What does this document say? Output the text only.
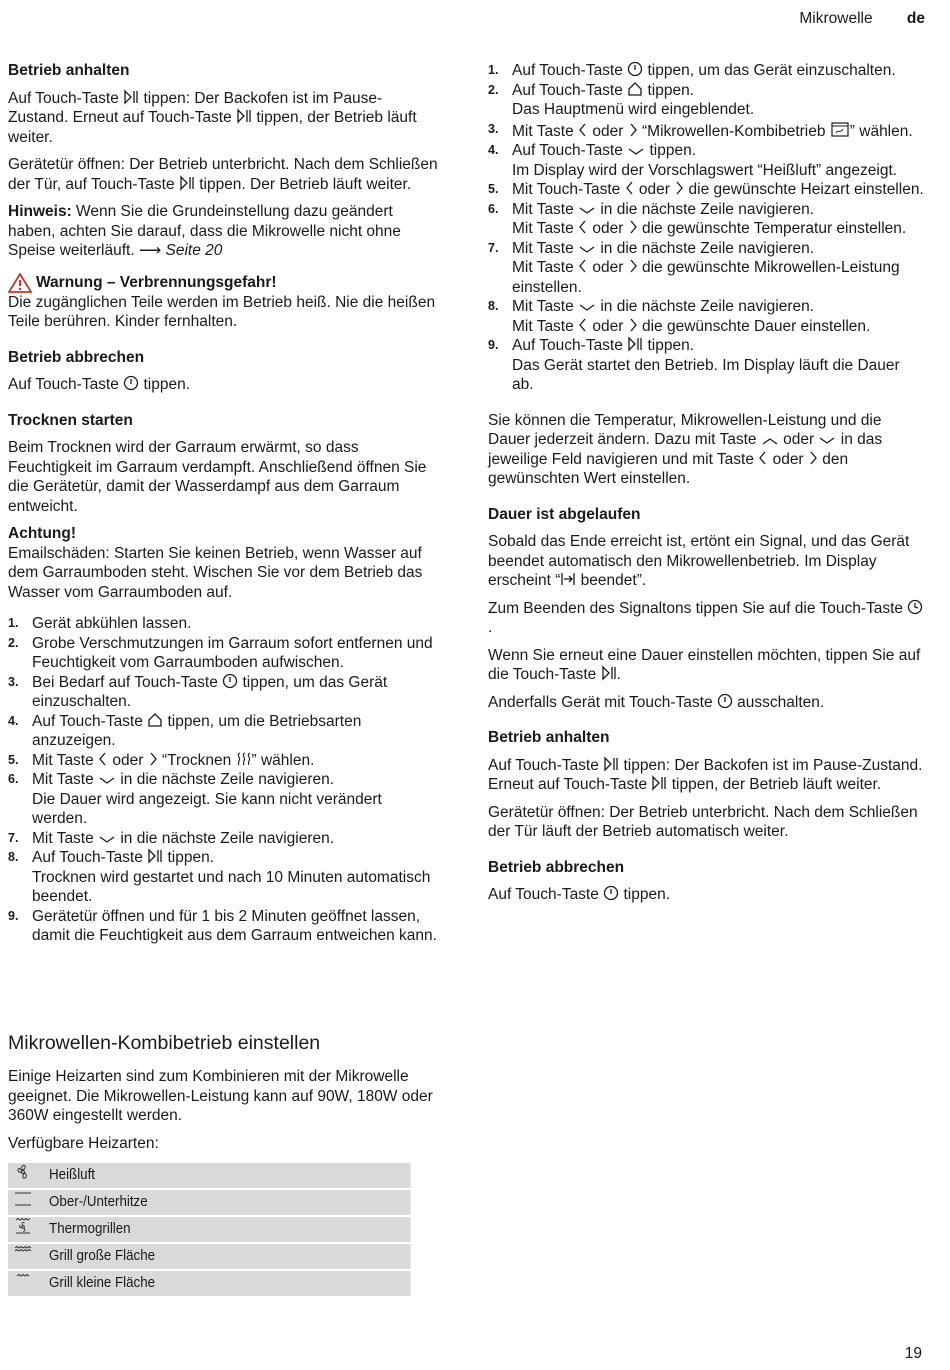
Mikrowelle de
Betrieb anhalten

Auf Touch-Taste  tippen: Der Backofen ist im Pause-Zustand. Erneut auf Touch-Taste  tippen, der Betrieb läuft weiter.

Gerätetür öffnen: Der Betrieb unterbricht. Nach dem Schließen der Tür, auf Touch-Taste  tippen. Der Betrieb läuft weiter.

Hinweis: Wenn Sie die Grundeinstellung dazu geändert haben, achten Sie darauf, dass die Mikrowelle nicht ohne Speise weiterläuft. ⟶ Seite 20

Warnung – Verbrennungsgefahr!

Die zugänglichen Teile werden im Betrieb heiß. Nie die heißen Teile berühren. Kinder fernhalten.

Betrieb abbrechen

Auf Touch-Taste  tippen.

Trocknen starten

Beim Trocknen wird der Garraum erwärmt, so dass Feuchtigkeit im Garraum verdampft. Anschließend öffnen Sie die Gerätetür, damit der Wasserdampf aus dem Garraum entweicht.

Achtung!

Emailschäden: Starten Sie keinen Betrieb, wenn Wasser auf dem Garraumboden steht. Wischen Sie vor dem Betrieb das Wasser vom Garraumboden auf.

1. Gerät abkühlen lassen.
2. Grobe Verschmutzungen im Garraum sofort entfernen und Feuchtigkeit vom Garraumboden aufwischen.
3. Bei Bedarf auf Touch-Taste  tippen, um das Gerät einzuschalten.
4. Auf Touch-Taste  tippen, um die Betriebsarten anzuzeigen.
5. Mit Taste  oder  “Trocknen ” wählen.
6. Mit Taste  in die nächste Zeile navigieren.
Die Dauer wird angezeigt. Sie kann nicht verändert werden.
7. Mit Taste  in die nächste Zeile navigieren.
8. Auf Touch-Taste  tippen.
Trocknen wird gestartet und nach 10 Minuten automatisch beendet.
9. Gerätetür öffnen und für 1 bis 2 Minuten geöffnet lassen, damit die Feuchtigkeit aus dem Garraum entweichen kann.
Mikrowellen-Kombibetrieb einstellen

Einige Heizarten sind zum Kombinieren mit der Mikrowelle geeignet. Die Mikrowellen-Leistung kann auf 90W, 180W oder 360W eingestellt werden.

Verfügbare Heizarten:

	Heißluft
	Ober-/Unterhitze
	Thermogrillen
	Grill große Fläche
	Grill kleine Fläche
1. Auf Touch-Taste  tippen, um das Gerät einzuschalten.
2. Auf Touch-Taste  tippen.
Das Hauptmenü wird eingeblendet.
3. Mit Taste  oder  “Mikrowellen-Kombibetrieb ” wählen.
4. Auf Touch-Taste  tippen.
Im Display wird der Vorschlagswert “Heißluft” angezeigt.
5. Mit Touch-Taste  oder  die gewünschte Heizart einstellen.
6. Mit Taste  in die nächste Zeile navigieren.
Mit Taste  oder  die gewünschte Temperatur einstellen.
7. Mit Taste  in die nächste Zeile navigieren.
Mit Taste  oder  die gewünschte Mikrowellen-Leistung einstellen.
8. Mit Taste  in die nächste Zeile navigieren.
Mit Taste  oder  die gewünschte Dauer einstellen.
9. Auf Touch-Taste  tippen.
Das Gerät startet den Betrieb. Im Display läuft die Dauer ab.

Sie können die Temperatur, Mikrowellen-Leistung und die Dauer jederzeit ändern. Dazu mit Taste  oder  in das jeweilige Feld navigieren und mit Taste  oder  den gewünschten Wert einstellen.

Dauer ist abgelaufen

Sobald das Ende erreicht ist, ertönt ein Signal, und das Gerät beendet automatisch den Mikrowellenbetrieb. Im Display erscheint “ beendet”.

Zum Beenden des Signaltons tippen Sie auf die Touch-Taste .

Wenn Sie erneut eine Dauer einstellen möchten, tippen Sie auf die Touch-Taste .

Anderfalls Gerät mit Touch-Taste  ausschalten.

Betrieb anhalten

Auf Touch-Taste  tippen: Der Backofen ist im Pause-Zustand. Erneut auf Touch-Taste  tippen, der Betrieb läuft weiter.

Gerätetür öffnen: Der Betrieb unterbricht. Nach dem Schließen der Tür läuft der Betrieb automatisch weiter.

Betrieb abbrechen

Auf Touch-Taste  tippen.

19
